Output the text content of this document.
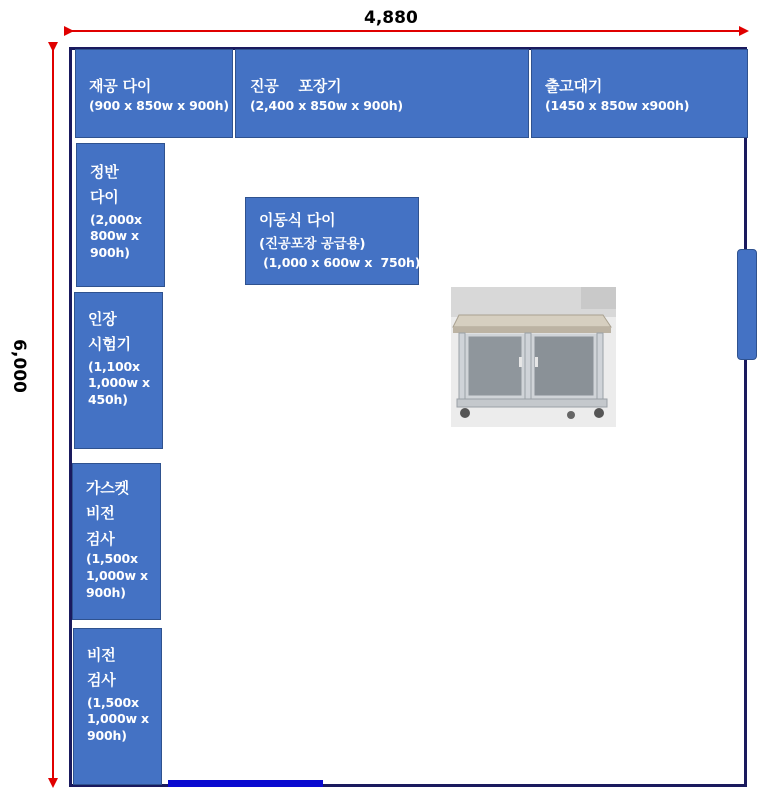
4,880
6,000
재공 다이
(900 x 850w x 900h)
진공 　포장기
(2,400 x 850w x 900h)
출고대기
(1450 x 850w x900h)
정반
다이
(2,000x
800w x
900h)
인장
시험기
(1,100x
1,000w x
450h)
가스켓
비전
검사
(1,500x
1,000w x
900h)
비전
검사
(1,500x
1,000w x
900h)
이동식 다이
(진공포장 공급용)
(1,000 x 600w x  750h)
